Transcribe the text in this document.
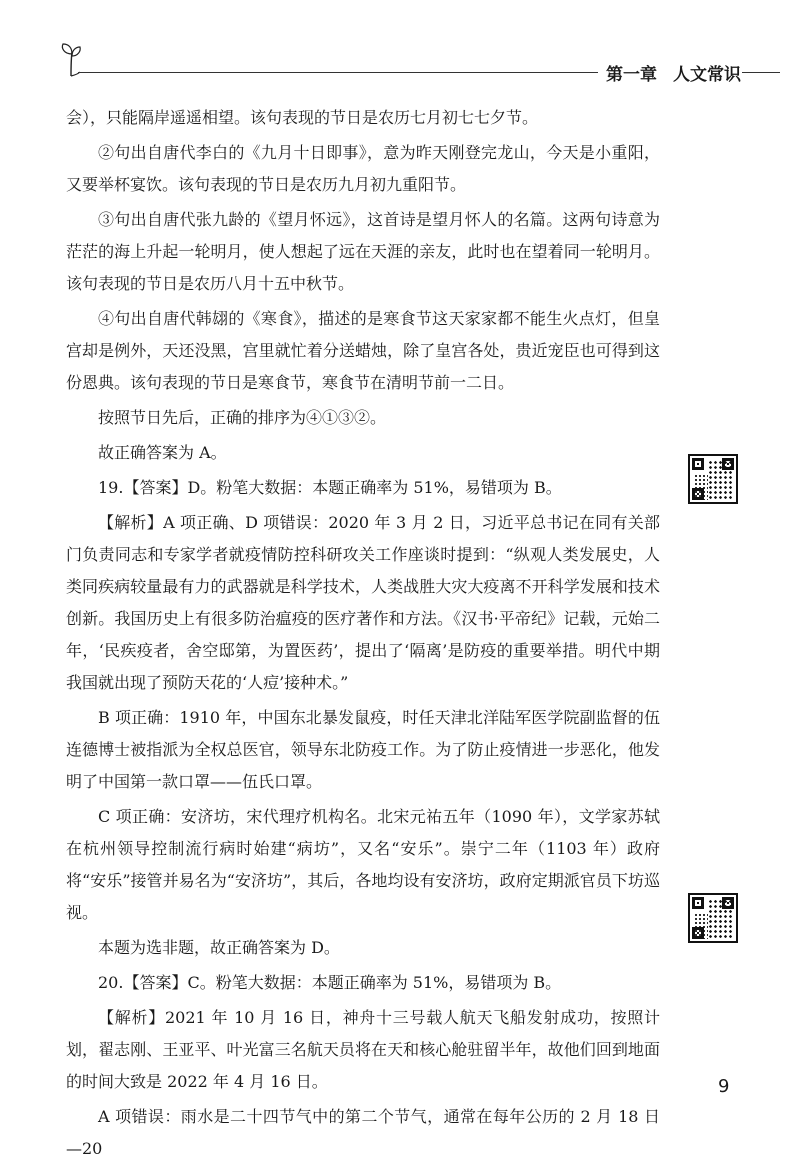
第一章 人文常识

会），只能隔岸遥遥相望。该句表现的节日是农历七月初七七夕节。

②句出自唐代李白的《九月十日即事》，意为昨天刚登完龙山，今天是小重阳，又要举杯宴饮。该句表现的节日是农历九月初九重阳节。

③句出自唐代张九龄的《望月怀远》，这首诗是望月怀人的名篇。这两句诗意为茫茫的海上升起一轮明月，使人想起了远在天涯的亲友，此时也在望着同一轮明月。该句表现的节日是农历八月十五中秋节。

④句出自唐代韩翃的《寒食》，描述的是寒食节这天家家都不能生火点灯，但皇宫却是例外，天还没黑，宫里就忙着分送蜡烛，除了皇宫各处，贵近宠臣也可得到这份恩典。该句表现的节日是寒食节，寒食节在清明节前一二日。

按照节日先后，正确的排序为④①③②。

故正确答案为 A。

19.【答案】D。粉笔大数据：本题正确率为 51%，易错项为 B。

【解析】A 项正确、D 项错误：2020 年 3 月 2 日，习近平总书记在同有关部门负责同志和专家学者就疫情防控科研攻关工作座谈时提到：“纵观人类发展史，人类同疾病较量最有力的武器就是科学技术，人类战胜大灾大疫离不开科学发展和技术创新。我国历史上有很多防治瘟疫的医疗著作和方法。《汉书·平帝纪》记载，元始二年，‘民疾疫者，舍空邸第，为置医药’，提出了‘隔离’是防疫的重要举措。明代中期我国就出现了预防天花的‘人痘’接种术。”

B 项正确：1910 年，中国东北暴发鼠疫，时任天津北洋陆军医学院副监督的伍连德博士被指派为全权总医官，领导东北防疫工作。为了防止疫情进一步恶化，他发明了中国第一款口罩——伍氏口罩。

C 项正确：安济坊，宋代理疗机构名。北宋元祐五年（1090 年），文学家苏轼在杭州领导控制流行病时始建“病坊”，又名“安乐”。崇宁二年（1103 年）政府将“安乐”接管并易名为“安济坊”，其后，各地均设有安济坊，政府定期派官员下坊巡视。

本题为选非题，故正确答案为 D。

20.【答案】C。粉笔大数据：本题正确率为 51%，易错项为 B。

【解析】2021 年 10 月 16 日，神舟十三号载人航天飞船发射成功，按照计划，翟志刚、王亚平、叶光富三名航天员将在天和核心舱驻留半年，故他们回到地面的时间大致是 2022 年 4 月 16 日。

A 项错误：雨水是二十四节气中的第二个节气，通常在每年公历的 2 月 18 日—20

9
